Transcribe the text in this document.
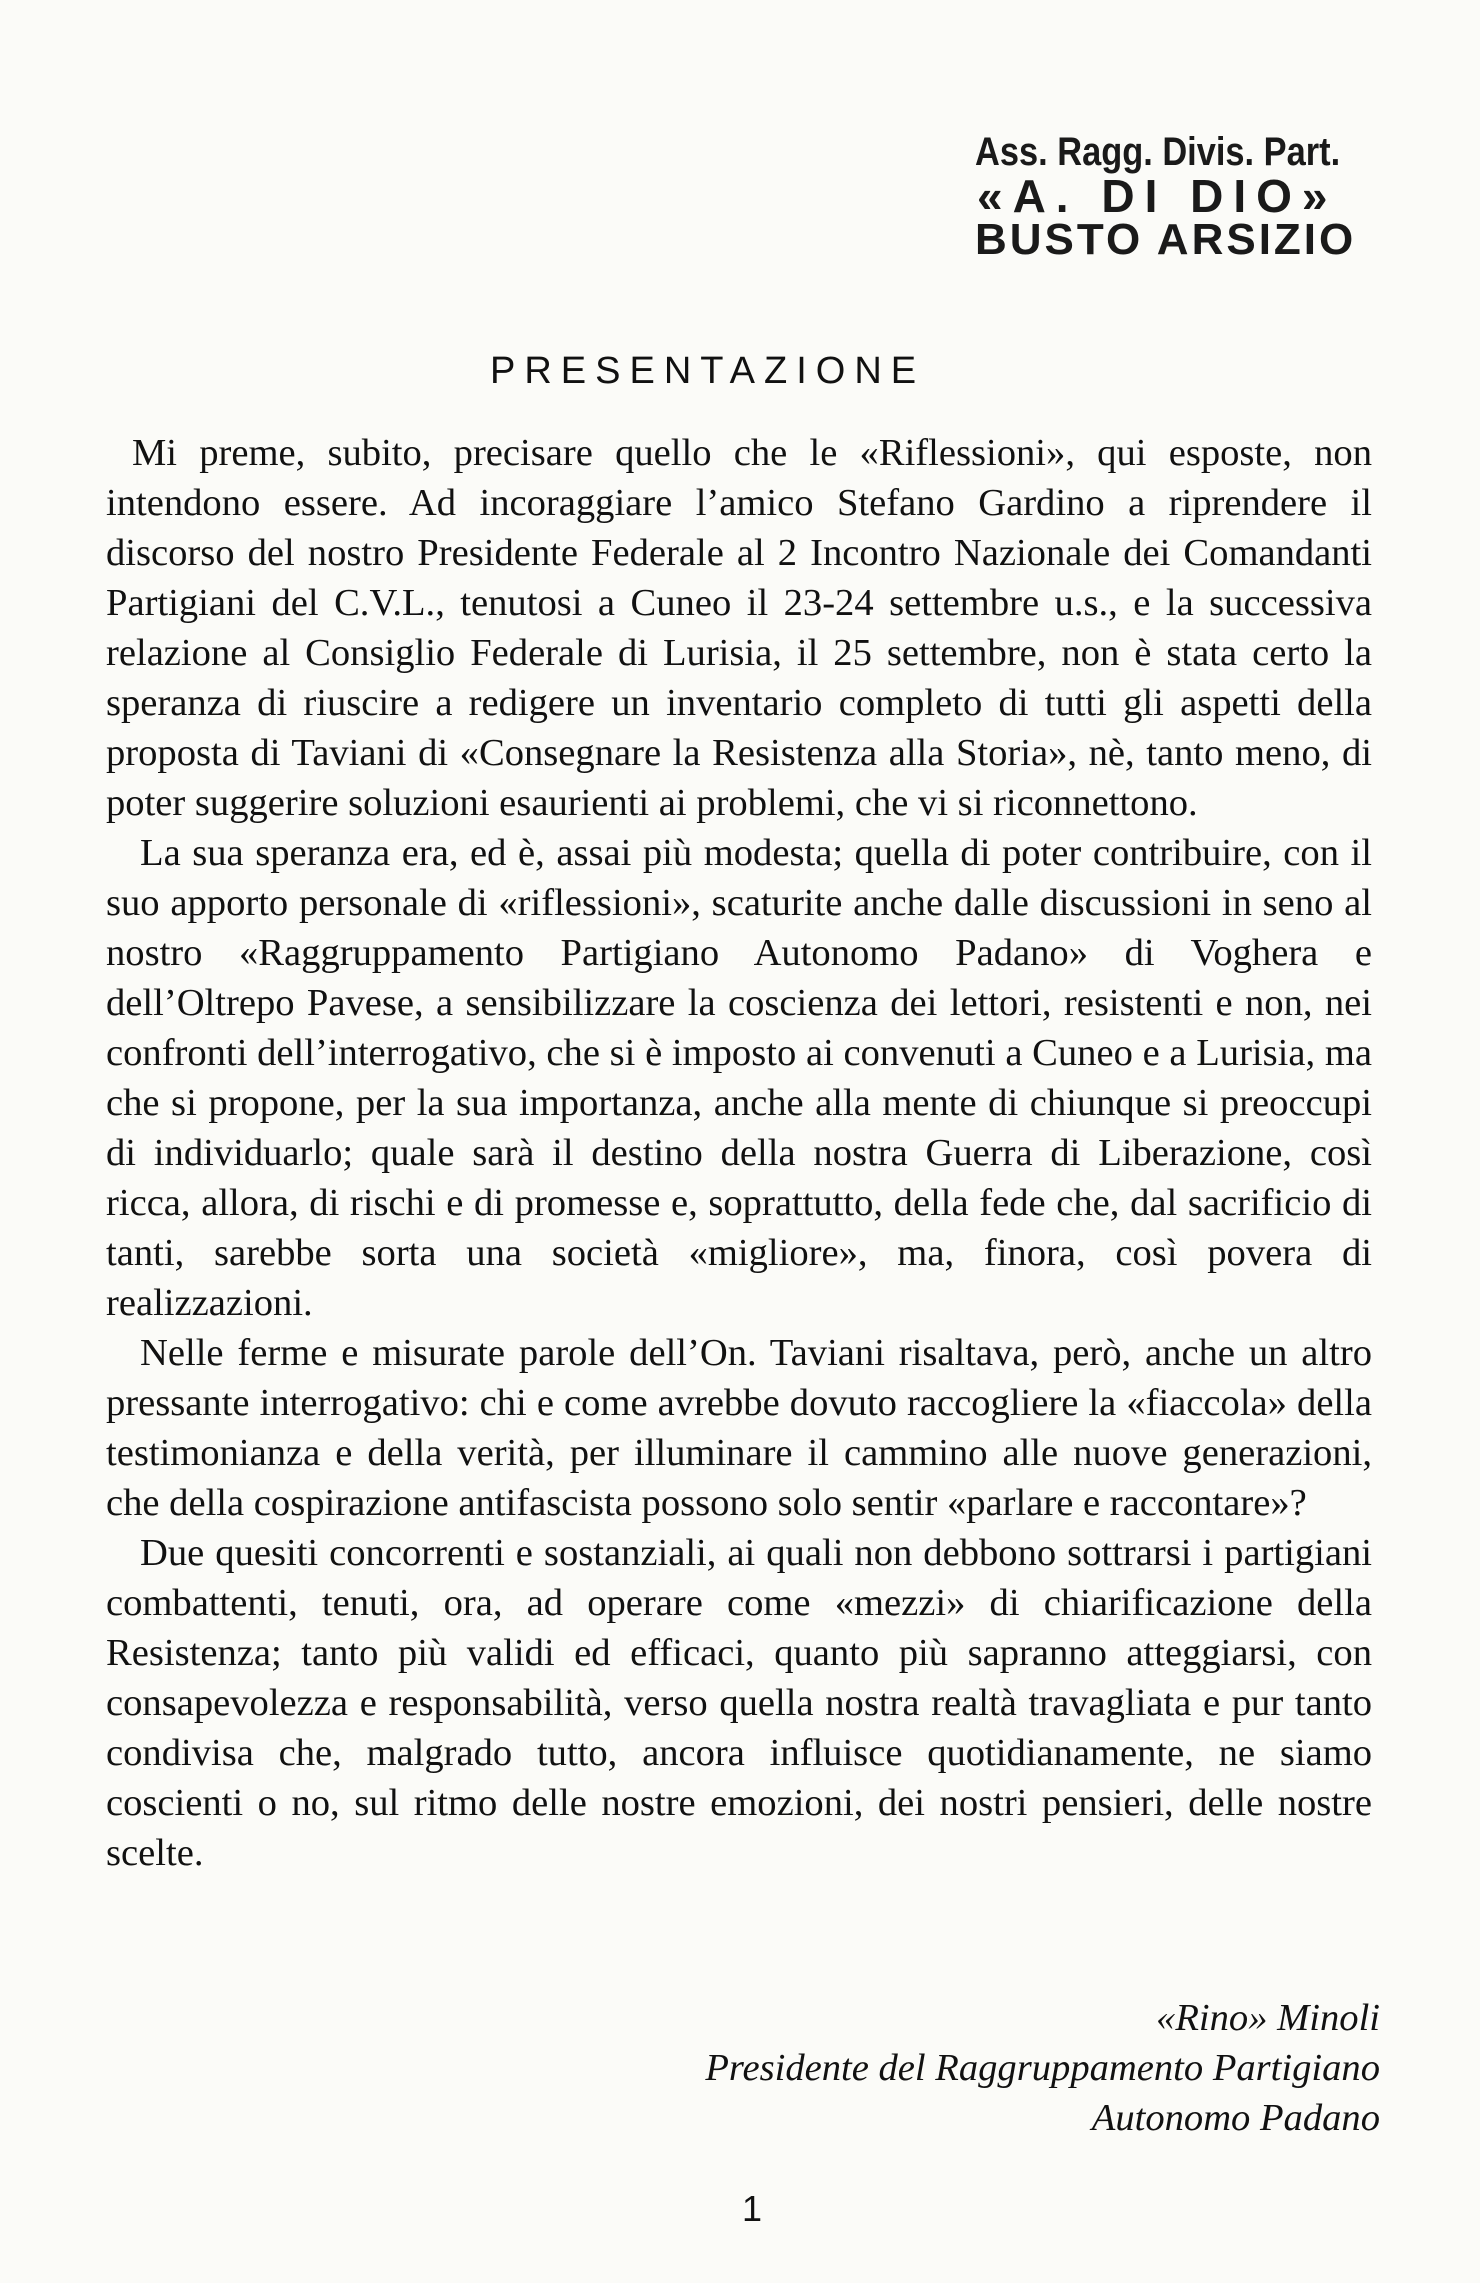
Ass. Ragg. Divis. Part.
«A. DI DIO»
BUSTO ARSIZIO
PRESENTAZIONE

Mi preme, subito, precisare quello che le «Riflessioni», qui esposte, non intendono essere. Ad incoraggiare l’amico Stefano Gardino a riprendere il discorso del nostro Presidente Federale al 2 Incontro Nazionale dei Comandanti Partigiani del C.V.L., tenutosi a Cuneo il 23-24 settembre u.s., e la successiva relazione al Consiglio Federale di Lurisia, il 25 settembre, non è stata certo la speranza di riuscire a redigere un inventario completo di tutti gli aspetti della proposta di Taviani di «Consegnare la Resistenza alla Storia», nè, tanto meno, di poter suggerire soluzioni esaurienti ai problemi, che vi si riconnettono.

La sua speranza era, ed è, assai più modesta; quella di poter contribuire, con il suo apporto personale di «riflessioni», scaturite anche dalle discussioni in seno al nostro «Raggruppamento Partigiano Autonomo Padano» di Voghera e dell’Oltrepo Pavese, a sensibilizzare la coscienza dei lettori, resistenti e non, nei confronti dell’interrogativo, che si è imposto ai convenuti a Cuneo e a Lurisia, ma che si propone, per la sua importanza, anche alla mente di chiunque si preoccupi di individuarlo; quale sarà il destino della nostra Guerra di Liberazione, così ricca, allora, di rischi e di promesse e, soprattutto, della fede che, dal sacrificio di tanti, sarebbe sorta una società «migliore», ma, finora, così povera di realizzazioni.

Nelle ferme e misurate parole dell’On. Taviani risaltava, però, anche un altro pressante interrogativo: chi e come avrebbe dovuto raccogliere la «fiaccola» della testimonianza e della verità, per illuminare il cammino alle nuove generazioni, che della cospirazione antifascista possono solo sentir «parlare e raccontare»?

Due quesiti concorrenti e sostanziali, ai quali non debbono sottrarsi i partigiani combattenti, tenuti, ora, ad operare come «mezzi» di chiarificazione della Resistenza; tanto più validi ed efficaci, quanto più sapranno atteggiarsi, con consapevolezza e responsabilità, verso quella nostra realtà travagliata e pur tanto condivisa che, malgrado tutto, ancora influisce quotidianamente, ne siamo coscienti o no, sul ritmo delle nostre emozioni, dei nostri pensieri, delle nostre scelte.

«Rino» Minoli
Presidente del Raggruppamento Partigiano
Autonomo Padano
1
